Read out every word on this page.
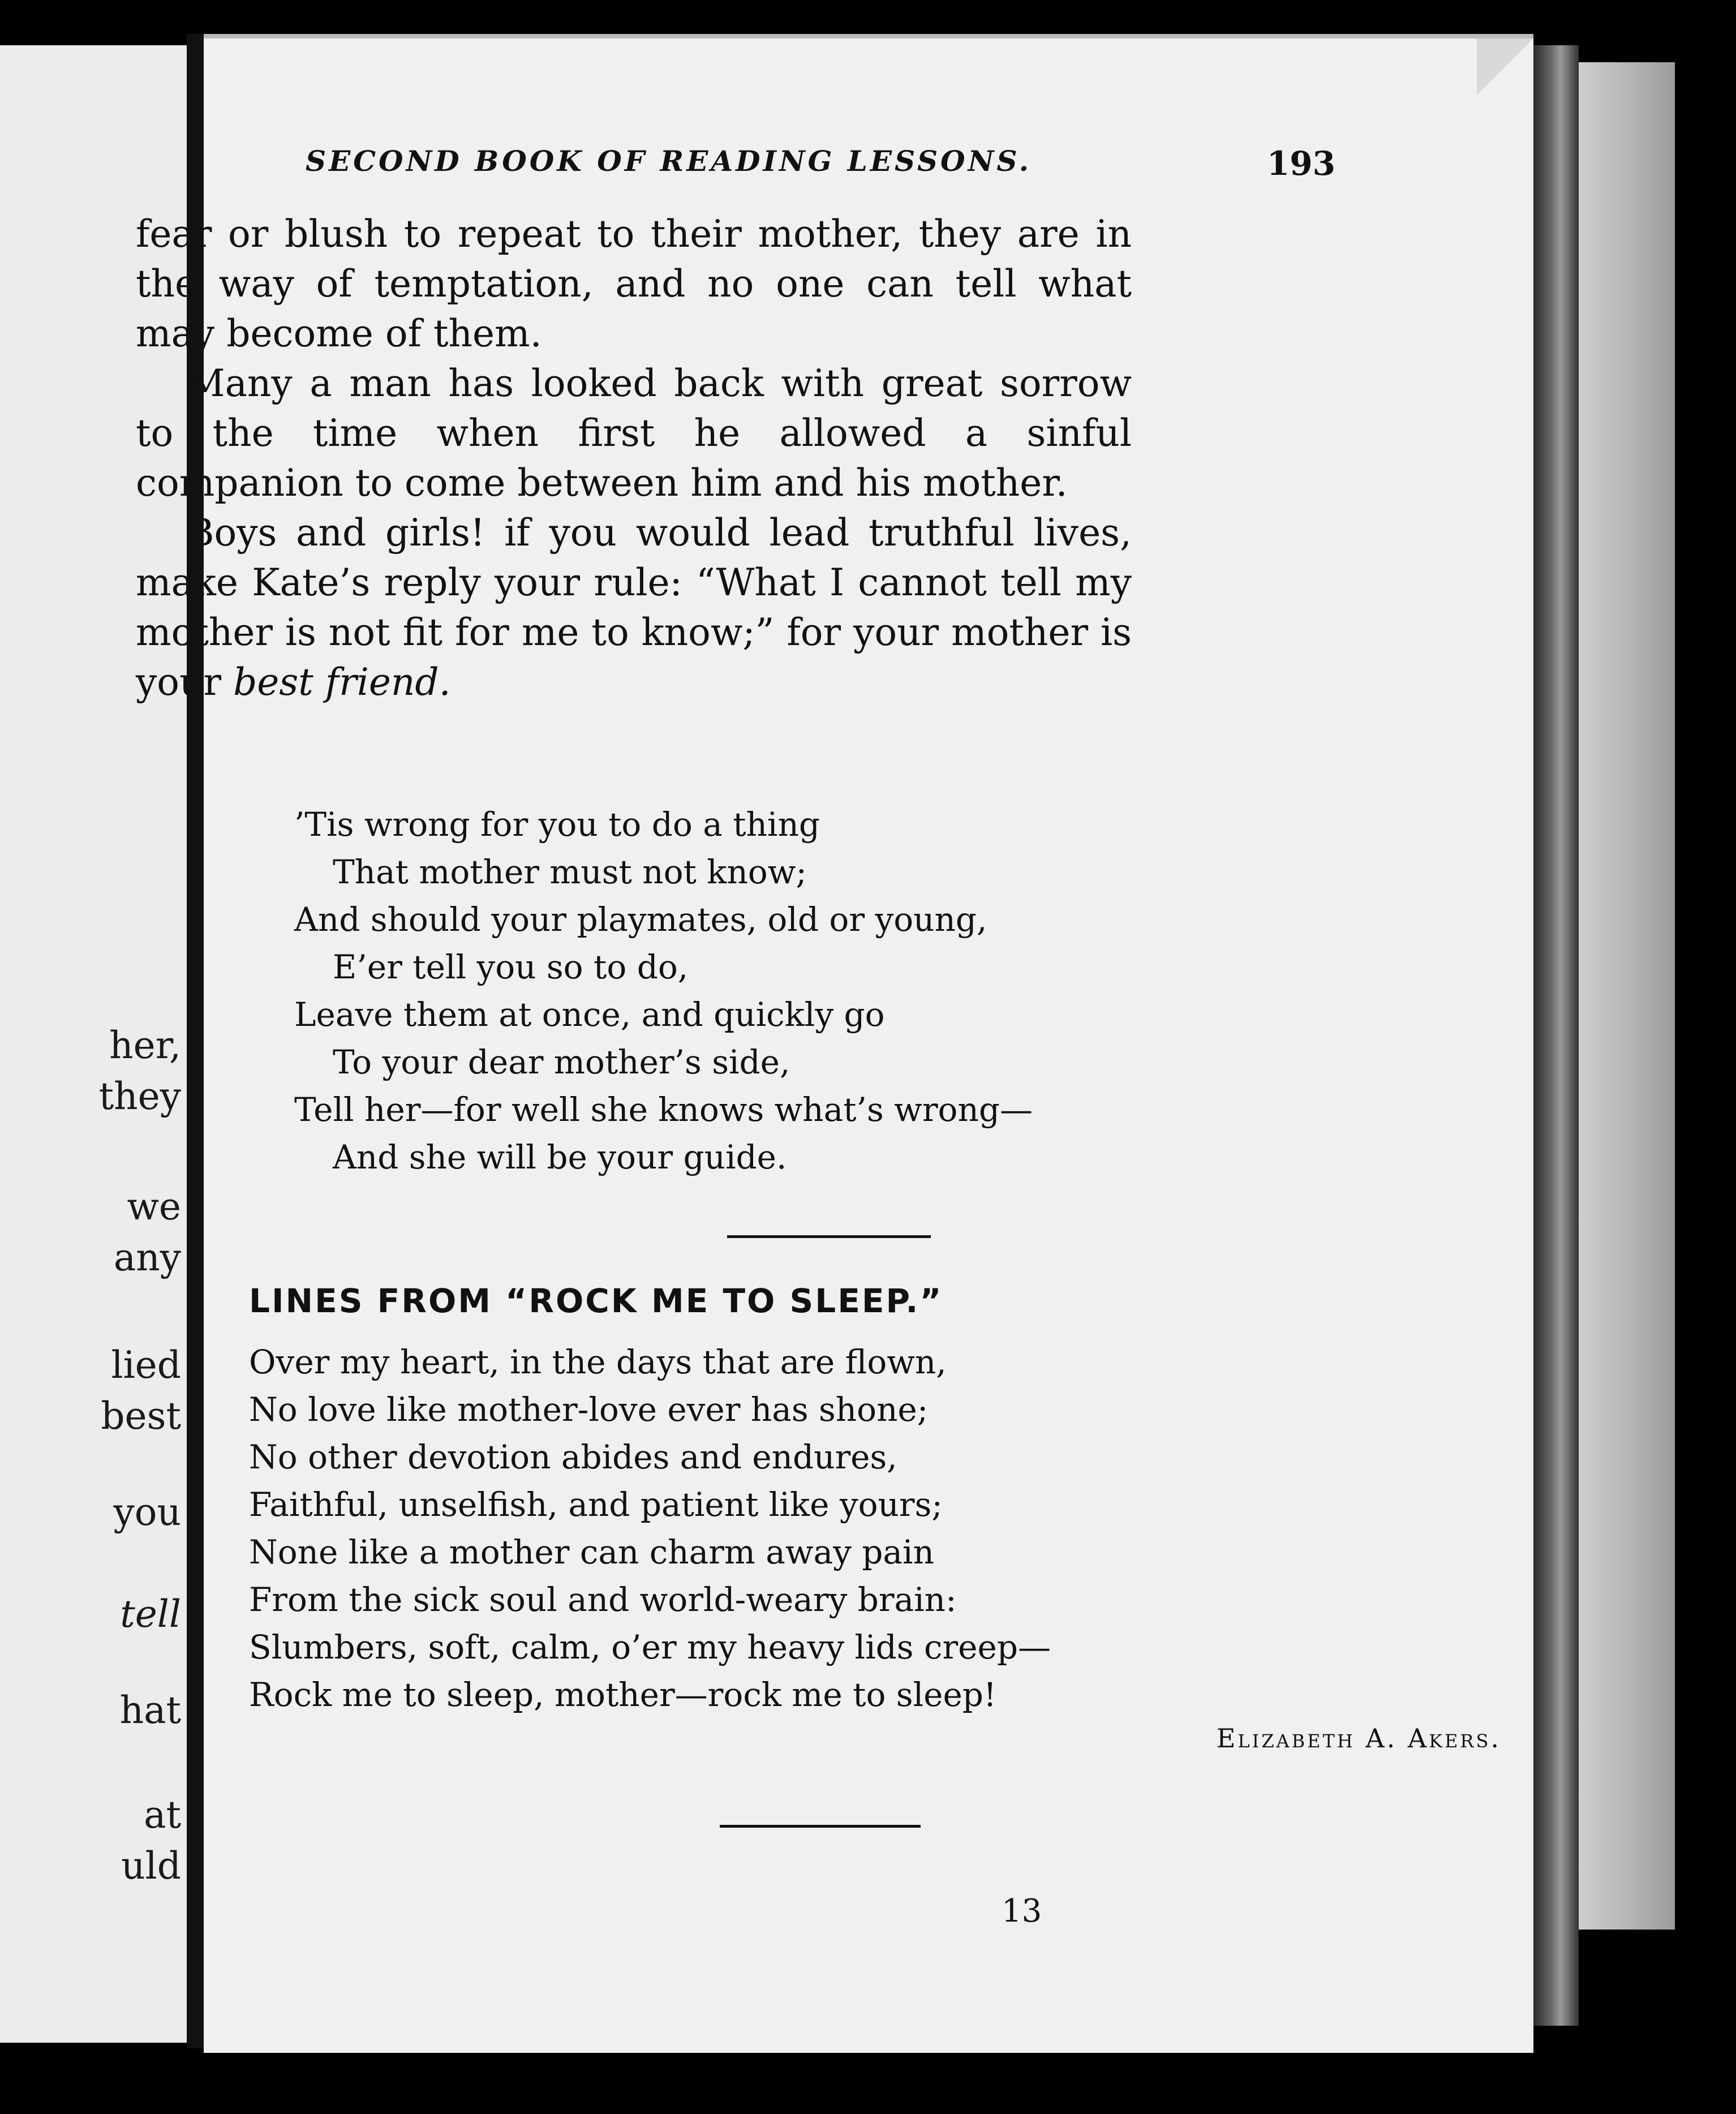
her,
they
we
any
lied
best
you
tell
hat
at
uld
SECOND BOOK OF READING LESSONS.	193

fear or blush to repeat to their mother, they are in the way of temptation, and no one can tell what may become of them.

Many a man has looked back with great sorrow to the time when first he allowed a sinful companion to come between him and his mother.

Boys and girls! if you would lead truthful lives, make Kate’s reply your rule: “What I cannot tell my mother is not fit for me to know;” for your mother is your best friend.

’Tis wrong for you to do a thing
That mother must not know;
And should your playmates, old or young,
E’er tell you so to do,
Leave them at once, and quickly go
To your dear mother’s side,
Tell her—for well she knows what’s wrong—
And she will be your guide.
LINES FROM “ROCK ME TO SLEEP.”
Over my heart, in the days that are flown,
No love like mother-love ever has shone;
No other devotion abides and endures,
Faithful, unselfish, and patient like yours;
None like a mother can charm away pain
From the sick soul and world-weary brain:
Slumbers, soft, calm, o’er my heavy lids creep—
Rock me to sleep, mother—rock me to sleep!
Elizabeth A. Akers.
13
